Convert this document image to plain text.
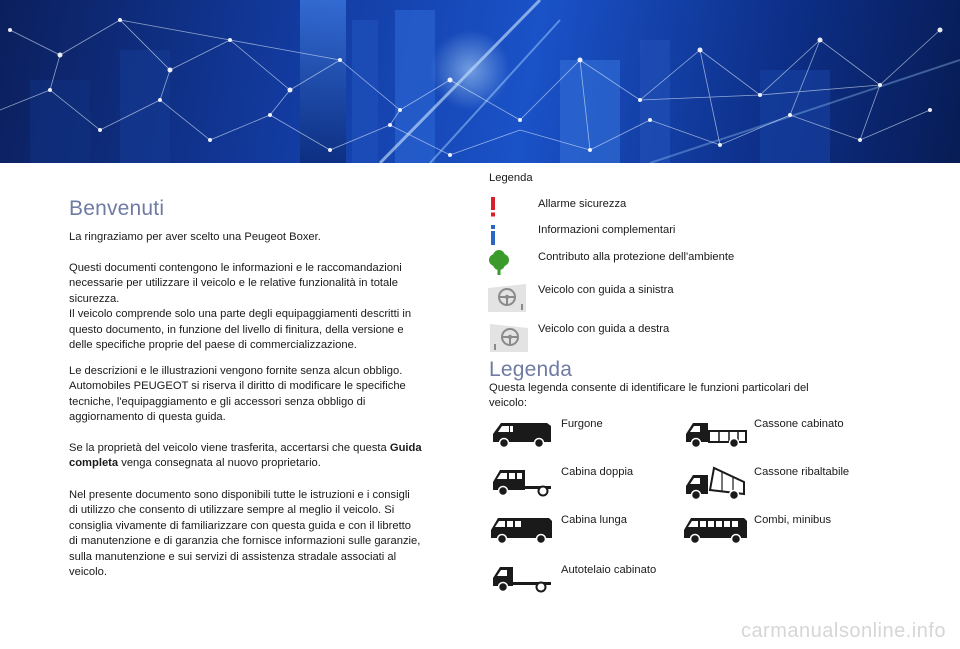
Benvenuti
La ringraziamo per aver scelto una Peugeot Boxer.
Questi documenti contengono le informazioni e le raccomandazioni
necessarie per utilizzare il veicolo e le relative funzionalità in totale
sicurezza.
Il veicolo comprende solo una parte degli equipaggiamenti descritti in
questo documento, in funzione del livello di finitura, della versione e
delle specifiche proprie del paese di commercializzazione.
Le descrizioni e le illustrazioni vengono fornite senza alcun obbligo.
Automobiles PEUGEOT si riserva il diritto di modificare le specifiche
tecniche, l'equipaggiamento e gli accessori senza obbligo di
aggiornamento di questa guida.
Se la proprietà del veicolo viene trasferita, accertarsi che questa Guida
completa venga consegnata al nuovo proprietario.
Nel presente documento sono disponibili tutte le istruzioni e i consigli
di utilizzo che consento di utilizzare sempre al meglio il veicolo. Si
consiglia vivamente di familiarizzare con questa guida e con il libretto
di manutenzione e di garanzia che fornisce informazioni sulle garanzie,
sulla manutenzione e sui servizi di assistenza stradale associati al
veicolo.
Legenda
Allarme sicurezza
Informazioni complementari
Contributo alla protezione dell'ambiente
Veicolo con guida a sinistra
Veicolo con guida a destra
Legenda
Questa legenda consente di identificare le funzioni particolari del
veicolo:
Furgone	Cassone cabinato
Cabina doppia	Cassone ribaltabile
Cabina lunga	Combi, minibus
Autotelaio cabinato
carmanualsonline.info
